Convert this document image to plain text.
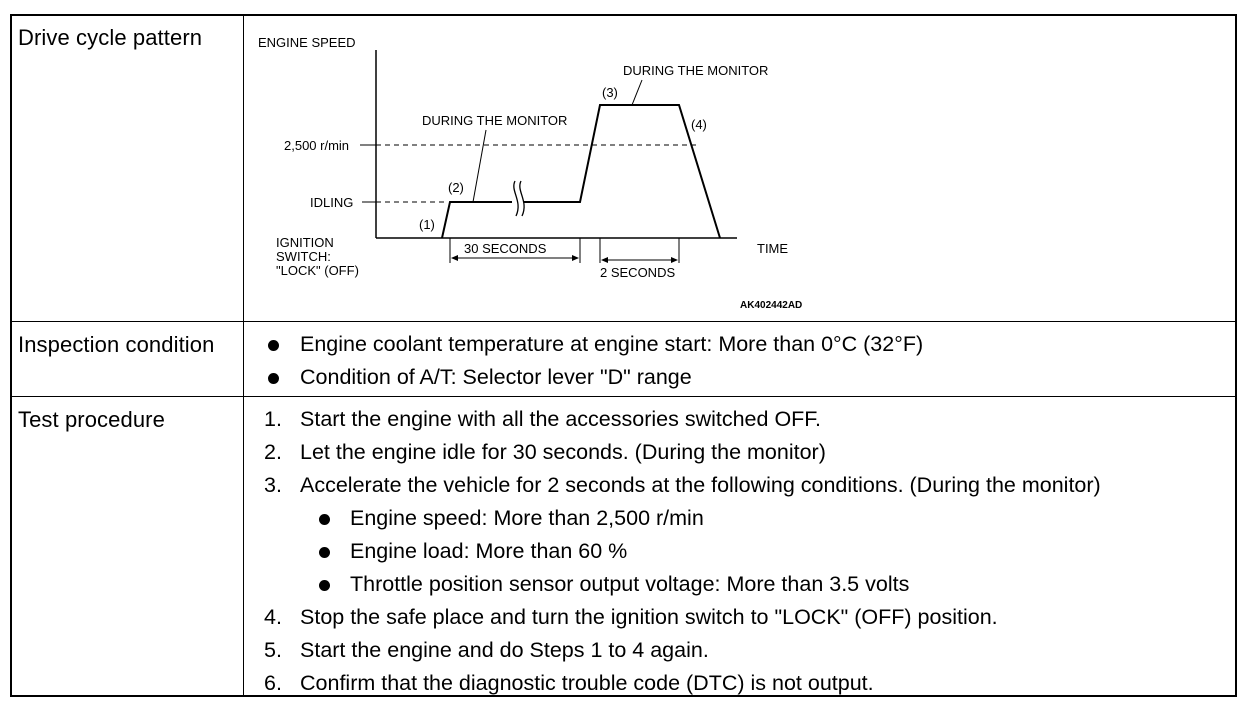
Drive cycle pattern	ENGINE SPEED
TIME
2,500 r/min
IDLING
(1)
(2)
(3)
(4)
DURING THE MONITOR
DURING THE MONITOR
IGNITION
SWITCH:
"LOCK" (OFF)
30 SECONDS
2 SECONDS
AK402442AD
Inspection condition	Engine coolant temperature at engine start: More than 0°C (32°F)
Condition of A/T: Selector lever "D" range
Test procedure	1. Start the engine with all the accessories switched OFF.
2. Let the engine idle for 30 seconds. (During the monitor)
3. Accelerate the vehicle for 2 seconds at the following conditions. (During the monitor)
Engine speed: More than 2,500 r/min
Engine load: More than 60 %
Throttle position sensor output voltage: More than 3.5 volts
4. Stop the safe place and turn the ignition switch to "LOCK" (OFF) position.
5. Start the engine and do Steps 1 to 4 again.
6. Confirm that the diagnostic trouble code (DTC) is not output.
